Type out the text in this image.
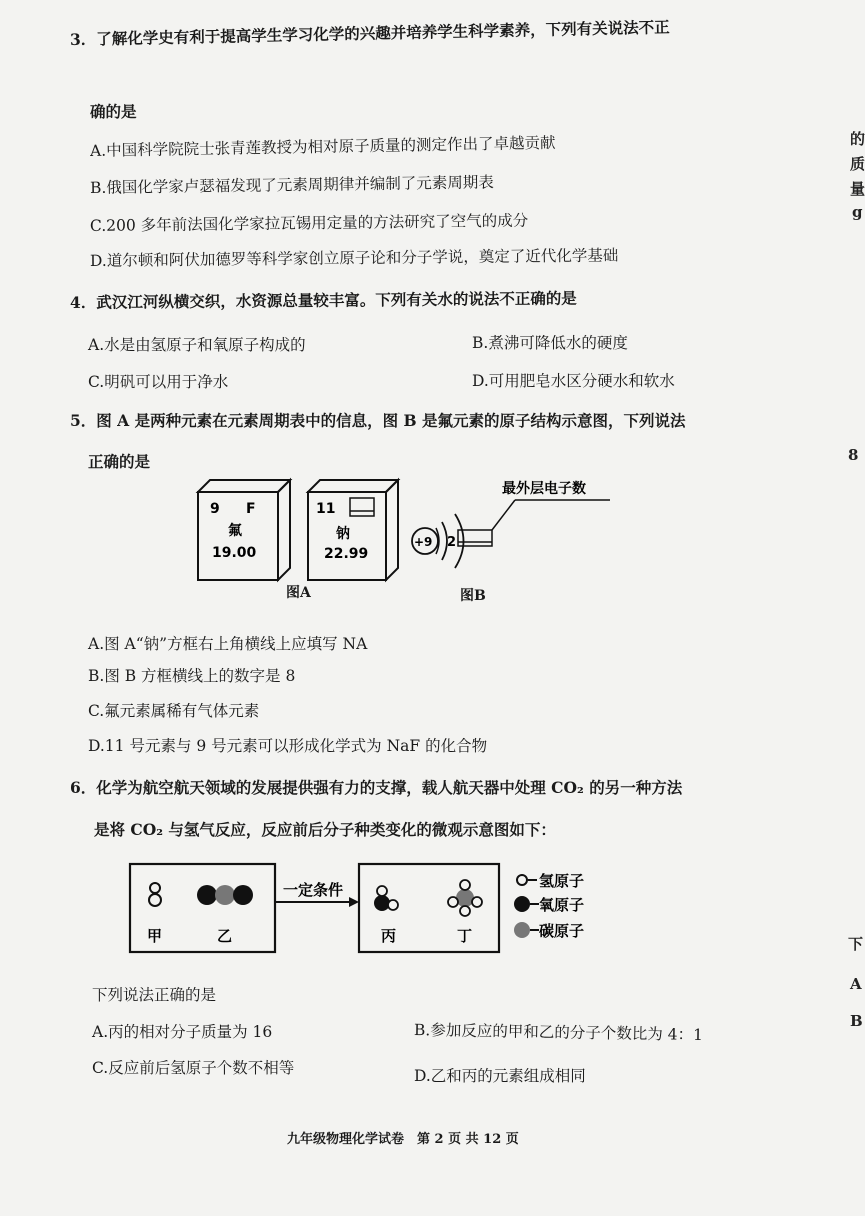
3．了解化学史有利于提高学生学习化学的兴趣并培养学生科学素养，下列有关说法不正
确的是
A.中国科学院院士张青莲教授为相对原子质量的测定作出了卓越贡献
B.俄国化学家卢瑟福发现了元素周期律并编制了元素周期表
C.200 多年前法国化学家拉瓦锡用定量的方法研究了空气的成分
D.道尔顿和阿伏加德罗等科学家创立原子论和分子学说，奠定了近代化学基础
4．武汉江河纵横交织，水资源总量较丰富。下列有关水的说法不正确的是
A.水是由氢原子和氧原子构成的	B.煮沸可降低水的硬度
C.明矾可以用于净水	D.可用肥皂水区分硬水和软水
5．图 A 是两种元素在元素周期表中的信息，图 B 是氟元素的原子结构示意图，下列说法
正确的是
9 F
氟
19.00
11
钠
22.99
+9 2
最外层电子数
图A	图B
A.图 A“钠”方框右上角横线上应填写 NA
B.图 B 方框横线上的数字是 8
C.氟元素属稀有气体元素
D.11 号元素与 9 号元素可以形成化学式为 NaF 的化合物
6．化学为航空航天领域的发展提供强有力的支撑，载人航天器中处理 CO₂ 的另一种方法
是将 CO₂ 与氢气反应，反应前后分子种类变化的微观示意图如下：
甲	乙
一定条件
丙	丁
氢原子
氧原子
碳原子
下列说法正确的是
A.丙的相对分子质量为 16	B.参加反应的甲和乙的分子个数比为 4：1
C.反应前后氢原子个数不相等	D.乙和丙的元素组成相同
九年级物理化学试卷　第 2 页 共 12 页
的
质
量
g
8
下
A
B
